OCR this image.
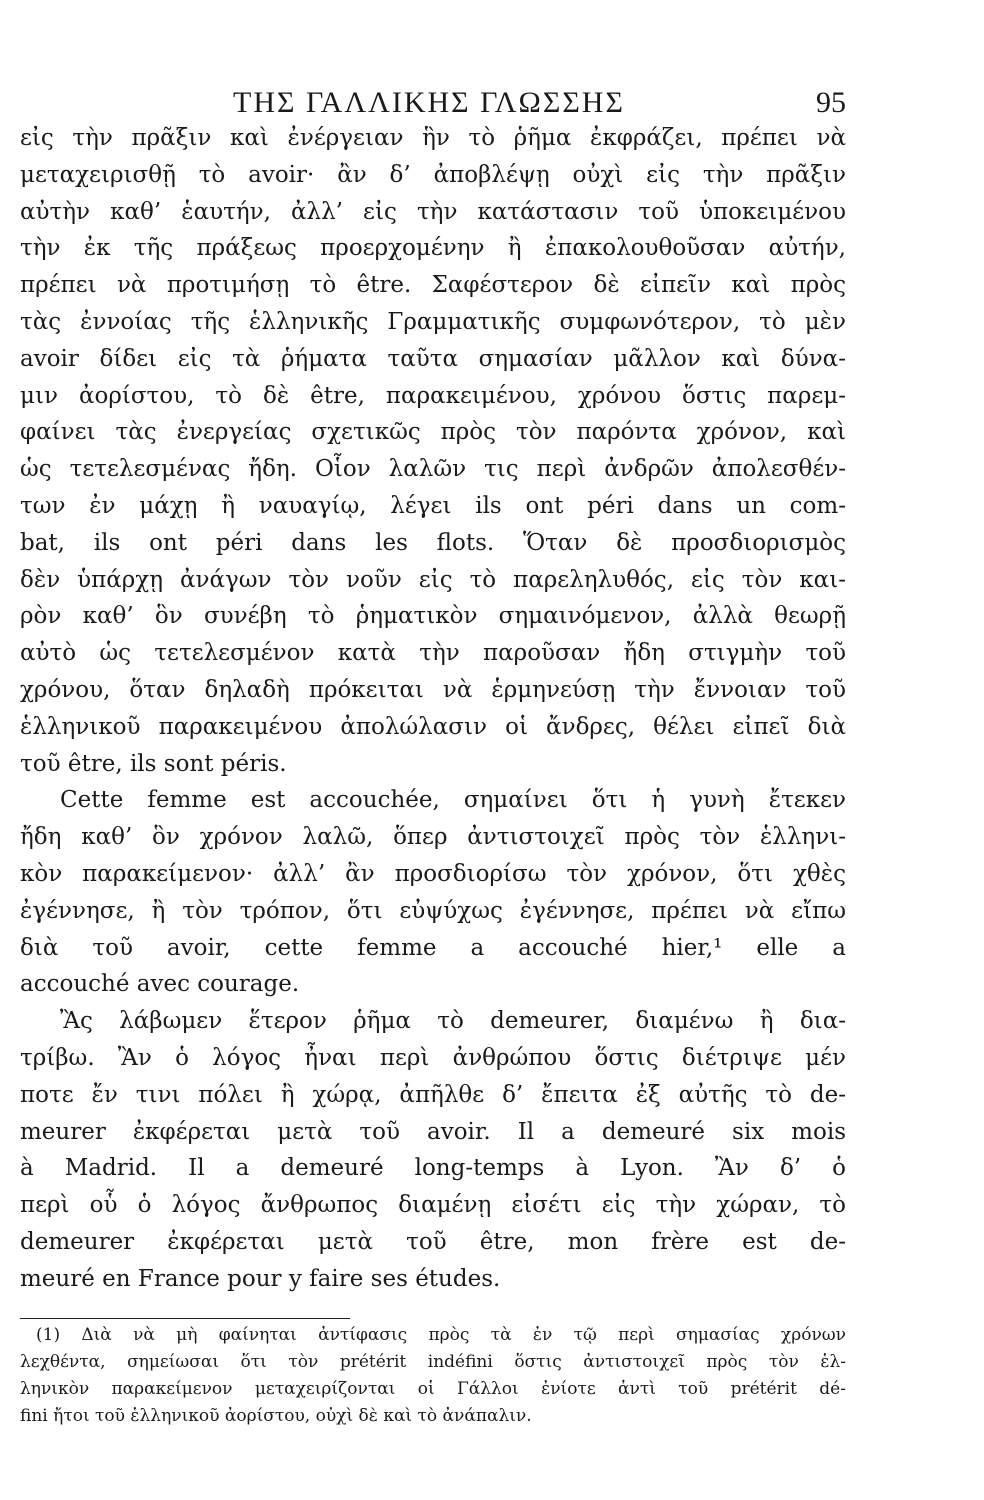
ΤΗΣ ΓΑΛΛΙΚΗΣ ΓΛΩΣΣΗΣ	95
εἰς τὴν πρᾶξιν καὶ ἐνέργειαν ἣν τὸ ῥῆμα ἐκφράζει, πρέπει νὰ
μεταχειρισθῇ τὸ avoir· ἂν δ’ ἀποβλέψῃ οὐχὶ εἰς τὴν πρᾶξιν
αὐτὴν καθ’ ἑαυτήν, ἀλλ’ εἰς τὴν κατάστασιν τοῦ ὑποκειμένου
τὴν ἐκ τῆς πράξεως προερχομένην ἢ ἐπακολουθοῦσαν αὐτήν,
πρέπει νὰ προτιμήσῃ τὸ être. Σαφέστερον δὲ εἰπεῖν καὶ πρὸς
τὰς ἐννοίας τῆς ἑλληνικῆς Γραμματικῆς συμφωνότερον, τὸ μὲν
avoir δίδει εἰς τὰ ῥήματα ταῦτα σημασίαν μᾶλλον καὶ δύνα-
μιν ἀορίστου, τὸ δὲ être, παρακειμένου, χρόνου ὅστις παρεμ-
φαίνει τὰς ἐνεργείας σχετικῶς πρὸς τὸν παρόντα χρόνον, καὶ
ὡς τετελεσμένας ἤδη. Οἷον λαλῶν τις περὶ ἀνδρῶν ἀπολεσθέν-
των ἐν μάχῃ ἢ ναυαγίῳ, λέγει ils ont péri dans un com-
bat, ils ont péri dans les flots. Ὅταν δὲ προσδιορισμὸς
δὲν ὑπάρχῃ ἀνάγων τὸν νοῦν εἰς τὸ παρεληλυθός, εἰς τὸν και-
ρὸν καθ’ ὃν συνέβη τὸ ῥηματικὸν σημαινόμενον, ἀλλὰ θεωρῇ
αὐτὸ ὡς τετελεσμένον κατὰ τὴν παροῦσαν ἤδη στιγμὴν τοῦ
χρόνου, ὅταν δηλαδὴ πρόκειται νὰ ἑρμηνεύσῃ τὴν ἔννοιαν τοῦ
ἑλληνικοῦ παρακειμένου ἀπολώλασιν οἱ ἄνδρες, θέλει εἰπεῖ διὰ
τοῦ être, ils sont péris.
Cette femme est accouchée, σημαίνει ὅτι ἡ γυνὴ ἔτεκεν
ἤδη καθ’ ὃν χρόνον λαλῶ, ὅπερ ἀντιστοιχεῖ πρὸς τὸν ἑλληνι-
κὸν παρακείμενον· ἀλλ’ ἂν προσδιορίσω τὸν χρόνον, ὅτι χθὲς
ἐγέννησε, ἢ τὸν τρόπον, ὅτι εὐψύχως ἐγέννησε, πρέπει νὰ εἴπω
διὰ τοῦ avoir, cette femme a accouché hier,¹ elle a
accouché avec courage.
Ἂς λάβωμεν ἕτερον ῥῆμα τὸ demeurer, διαμένω ἢ δια-
τρίβω. Ἂν ὁ λόγος ἦναι περὶ ἀνθρώπου ὅστις διέτριψε μέν
ποτε ἔν τινι πόλει ἢ χώρᾳ, ἀπῆλθε δ’ ἔπειτα ἐξ αὐτῆς τὸ de-
meurer ἐκφέρεται μετὰ τοῦ avoir. Il a demeuré six mois
à Madrid. Il a demeuré long-temps à Lyon. Ἂν δ’ ὁ
περὶ οὗ ὁ λόγος ἄνθρωπος διαμένῃ εἰσέτι εἰς τὴν χώραν, τὸ
demeurer ἐκφέρεται μετὰ τοῦ être, mon frère est de-
meuré en France pour y faire ses études.
(1) Διὰ νὰ μὴ φαίνηται ἀντίφασις πρὸς τὰ ἐν τῷ περὶ σημασίας χρόνων
λεχθέντα, σημείωσαι ὅτι τὸν prétérit indéfini ὅστις ἀντιστοιχεῖ πρὸς τὸν ἑλ-
ληνικὸν παρακείμενον μεταχειρίζονται οἱ Γάλλοι ἐνίοτε ἀντὶ τοῦ prétérit dé-
fini ἤτοι τοῦ ἑλληνικοῦ ἀορίστου, οὐχὶ δὲ καὶ τὸ ἀνάπαλιν.
